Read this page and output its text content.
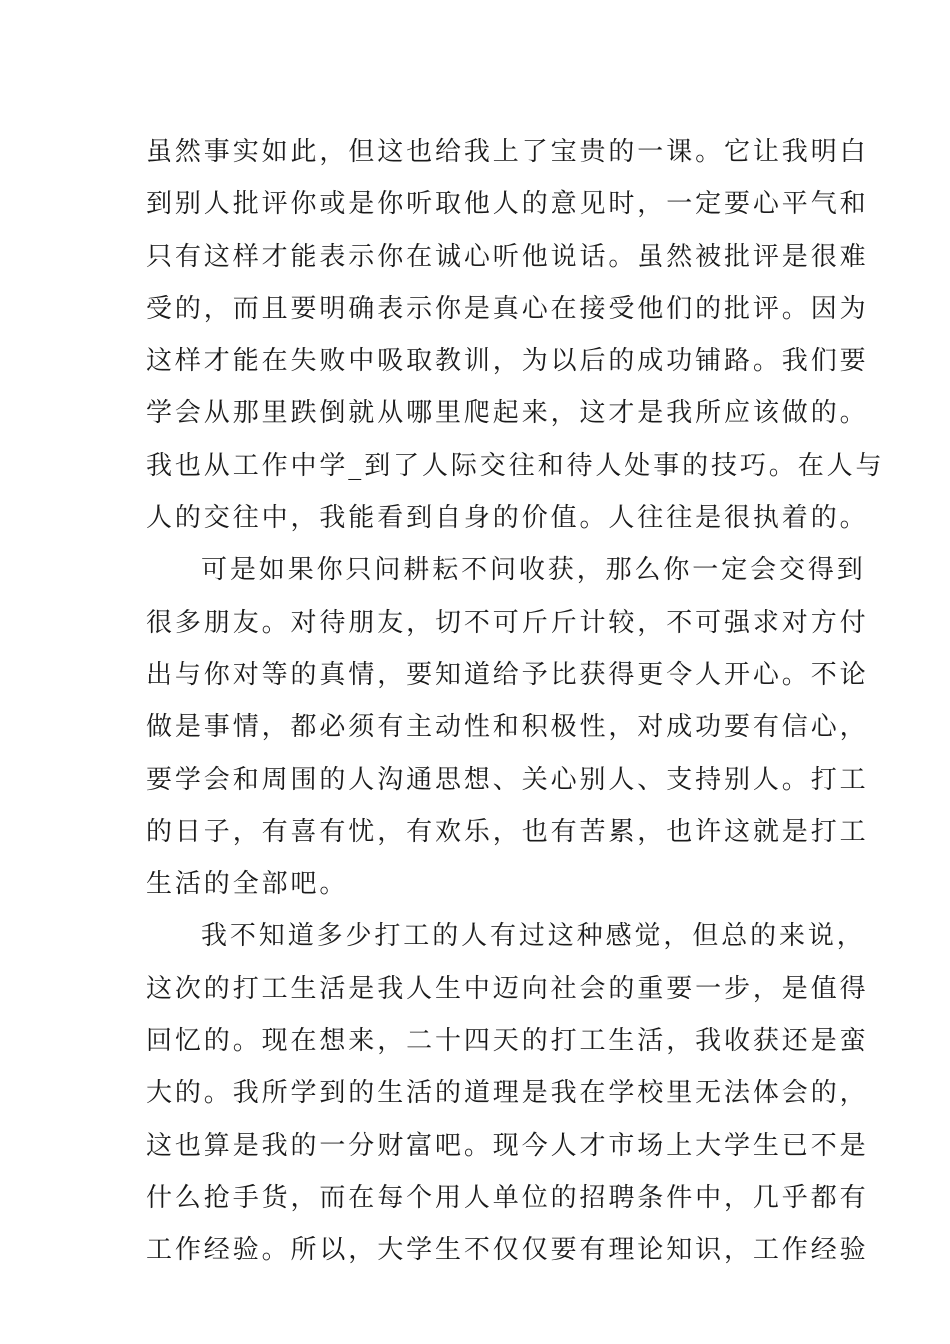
虽然事实如此，但这也给我上了宝贵的一课。它让我明白
到别人批评你或是你听取他人的意见时，一定要心平气和
只有这样才能表示你在诚心听他说话。虽然被批评是很难
受的，而且要明确表示你是真心在接受他们的批评。因为
这样才能在失败中吸取教训，为以后的成功铺路。我们要
学会从那里跌倒就从哪里爬起来，这才是我所应该做的。
我也从工作中学_到了人际交往和待人处事的技巧。在人与
人的交往中，我能看到自身的价值。人往往是很执着的。
可是如果你只问耕耘不问收获，那么你一定会交得到
很多朋友。对待朋友，切不可斤斤计较，不可强求对方付
出与你对等的真情，要知道给予比获得更令人开心。不论
做是事情，都必须有主动性和积极性，对成功要有信心，
要学会和周围的人沟通思想、关心别人、支持别人。打工
的日子，有喜有忧，有欢乐，也有苦累，也许这就是打工
生活的全部吧。
我不知道多少打工的人有过这种感觉，但总的来说，
这次的打工生活是我人生中迈向社会的重要一步，是值得
回忆的。现在想来，二十四天的打工生活，我收获还是蛮
大的。我所学到的生活的道理是我在学校里无法体会的，
这也算是我的一分财富吧。现今人才市场上大学生已不是
什么抢手货，而在每个用人单位的招聘条件中，几乎都有
工作经验。所以，大学生不仅仅要有理论知识，工作经验
